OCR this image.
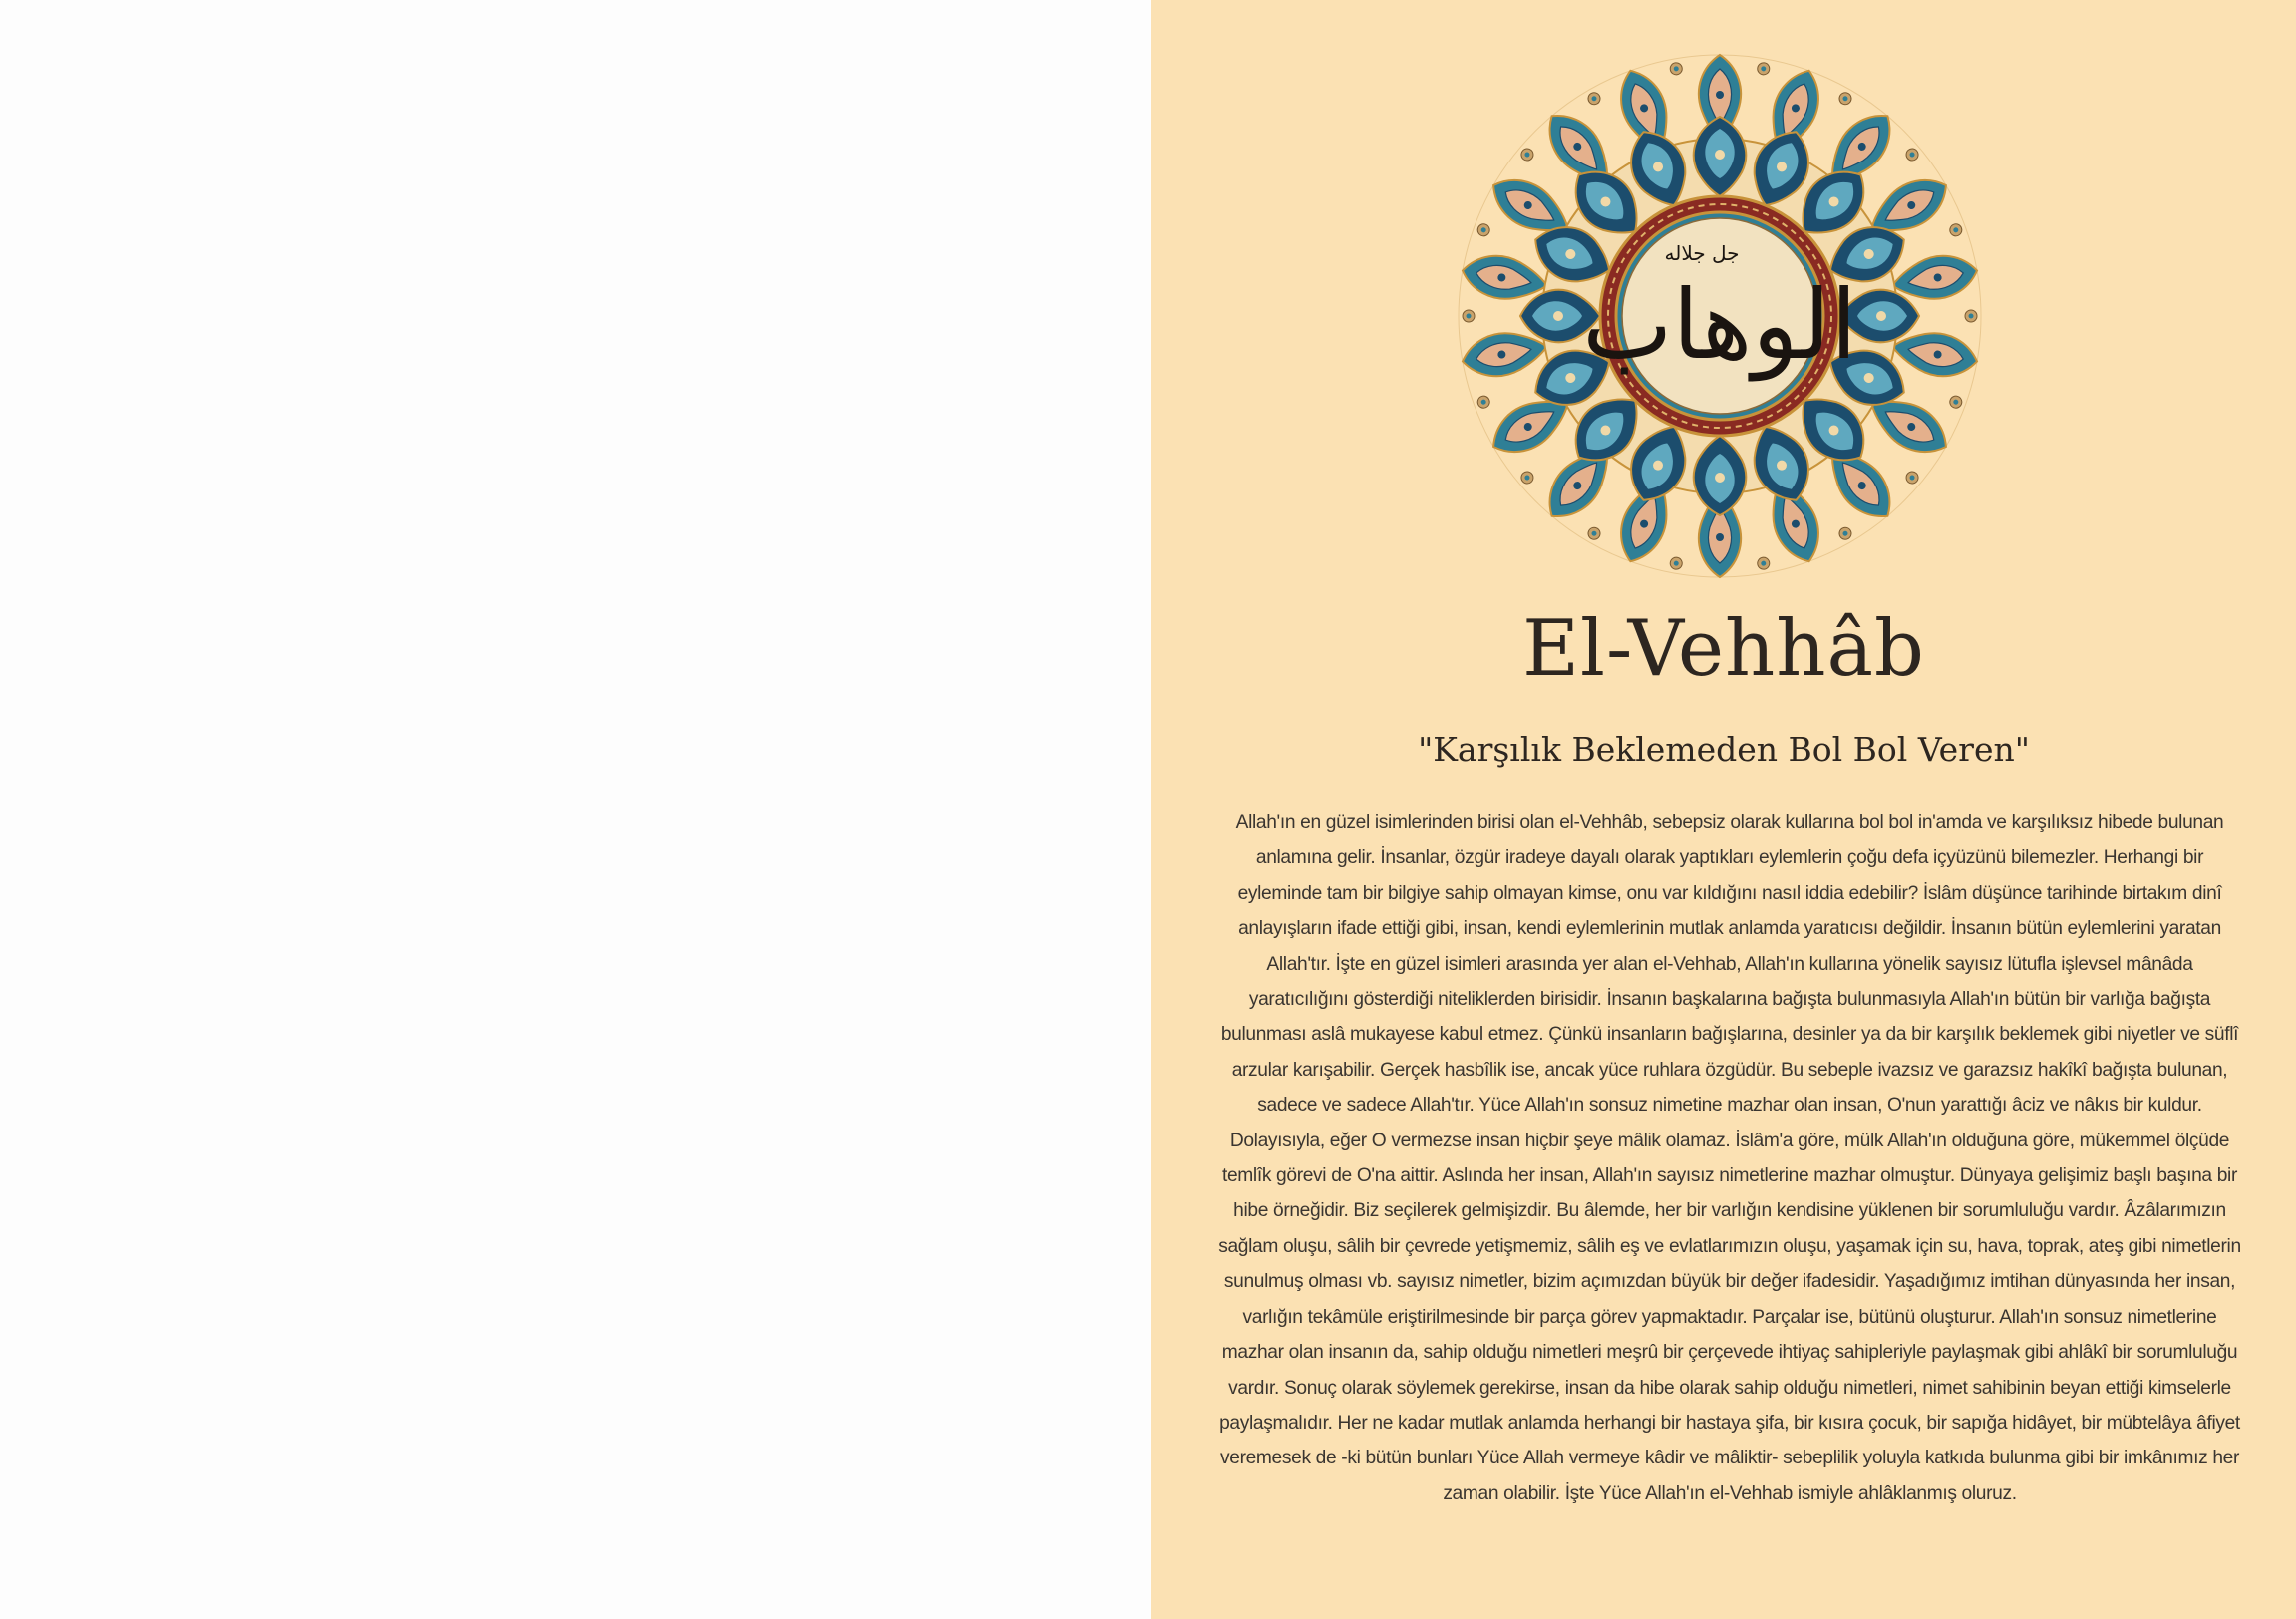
الوهاب
جل جلاله
El-Vehhâb
"Karşılık Beklemeden Bol Bol Veren"

Allah'ın en güzel isimlerinden birisi olan el-Vehhâb, sebepsiz olarak kullarına bol bol in'amda ve karşılıksız hibede bulunan anlamına gelir. İnsanlar, özgür iradeye dayalı olarak yaptıkları eylemlerin çoğu defa içyüzünü bilemezler. Herhangi bir eyleminde tam bir bilgiye sahip olmayan kimse, onu var kıldığını nasıl iddia edebilir? İslâm düşünce tarihinde birtakım dinî anlayışların ifade ettiği gibi, insan, kendi eylemlerinin mutlak anlamda yaratıcısı değildir. İnsanın bütün eylemlerini yaratan Allah'tır. İşte en güzel isimleri arasında yer alan el-Vehhab, Allah'ın kullarına yönelik sayısız lütufla işlevsel mânâda yaratıcılığını gösterdiği niteliklerden birisidir. İnsanın başkalarına bağışta bulunmasıyla Allah'ın bütün bir varlığa bağışta bulunması aslâ mukayese kabul etmez. Çünkü insanların bağışlarına, desinler ya da bir karşılık beklemek gibi niyetler ve süflî arzular karışabilir. Gerçek hasbîlik ise, ancak yüce ruhlara özgüdür. Bu sebeple ivazsız ve garazsız hakîkî bağışta bulunan, sadece ve sadece Allah'tır. Yüce Allah'ın sonsuz nimetine mazhar olan insan, O'nun yarattığı âciz ve nâkıs bir kuldur. Dolayısıyla, eğer O vermezse insan hiçbir şeye mâlik olamaz. İslâm'a göre, mülk Allah'ın olduğuna göre, mükemmel ölçüde temlîk görevi de O'na aittir. Aslında her insan, Allah'ın sayısız nimetlerine mazhar olmuştur. Dünyaya gelişimiz başlı başına bir hibe örneğidir. Biz seçilerek gelmişizdir. Bu âlemde, her bir varlığın kendisine yüklenen bir sorumluluğu vardır. Âzâlarımızın sağlam oluşu, sâlih bir çevrede yetişmemiz, sâlih eş ve evlatlarımızın oluşu, yaşamak için su, hava, toprak, ateş gibi nimetlerin sunulmuş olması vb. sayısız nimetler, bizim açımızdan büyük bir değer ifadesidir. Yaşadığımız imtihan dünyasında her insan, varlığın tekâmüle eriştirilmesinde bir parça görev yapmaktadır. Parçalar ise, bütünü oluşturur. Allah'ın sonsuz nimetlerine mazhar olan insanın da, sahip olduğu nimetleri meşrû bir çerçevede ihtiyaç sahipleriyle paylaşmak gibi ahlâkî bir sorumluluğu vardır. Sonuç olarak söylemek gerekirse, insan da hibe olarak sahip olduğu nimetleri, nimet sahibinin beyan ettiği kimselerle paylaşmalıdır. Her ne kadar mutlak anlamda herhangi bir hastaya şifa, bir kısıra çocuk, bir sapığa hidâyet, bir mübtelâya âfiyet veremesek de -ki bütün bunları Yüce Allah vermeye kâdir ve mâliktir- sebeplilik yoluyla katkıda bulunma gibi bir imkânımız her zaman olabilir. İşte Yüce Allah'ın el-Vehhab ismiyle ahlâklanmış oluruz.
